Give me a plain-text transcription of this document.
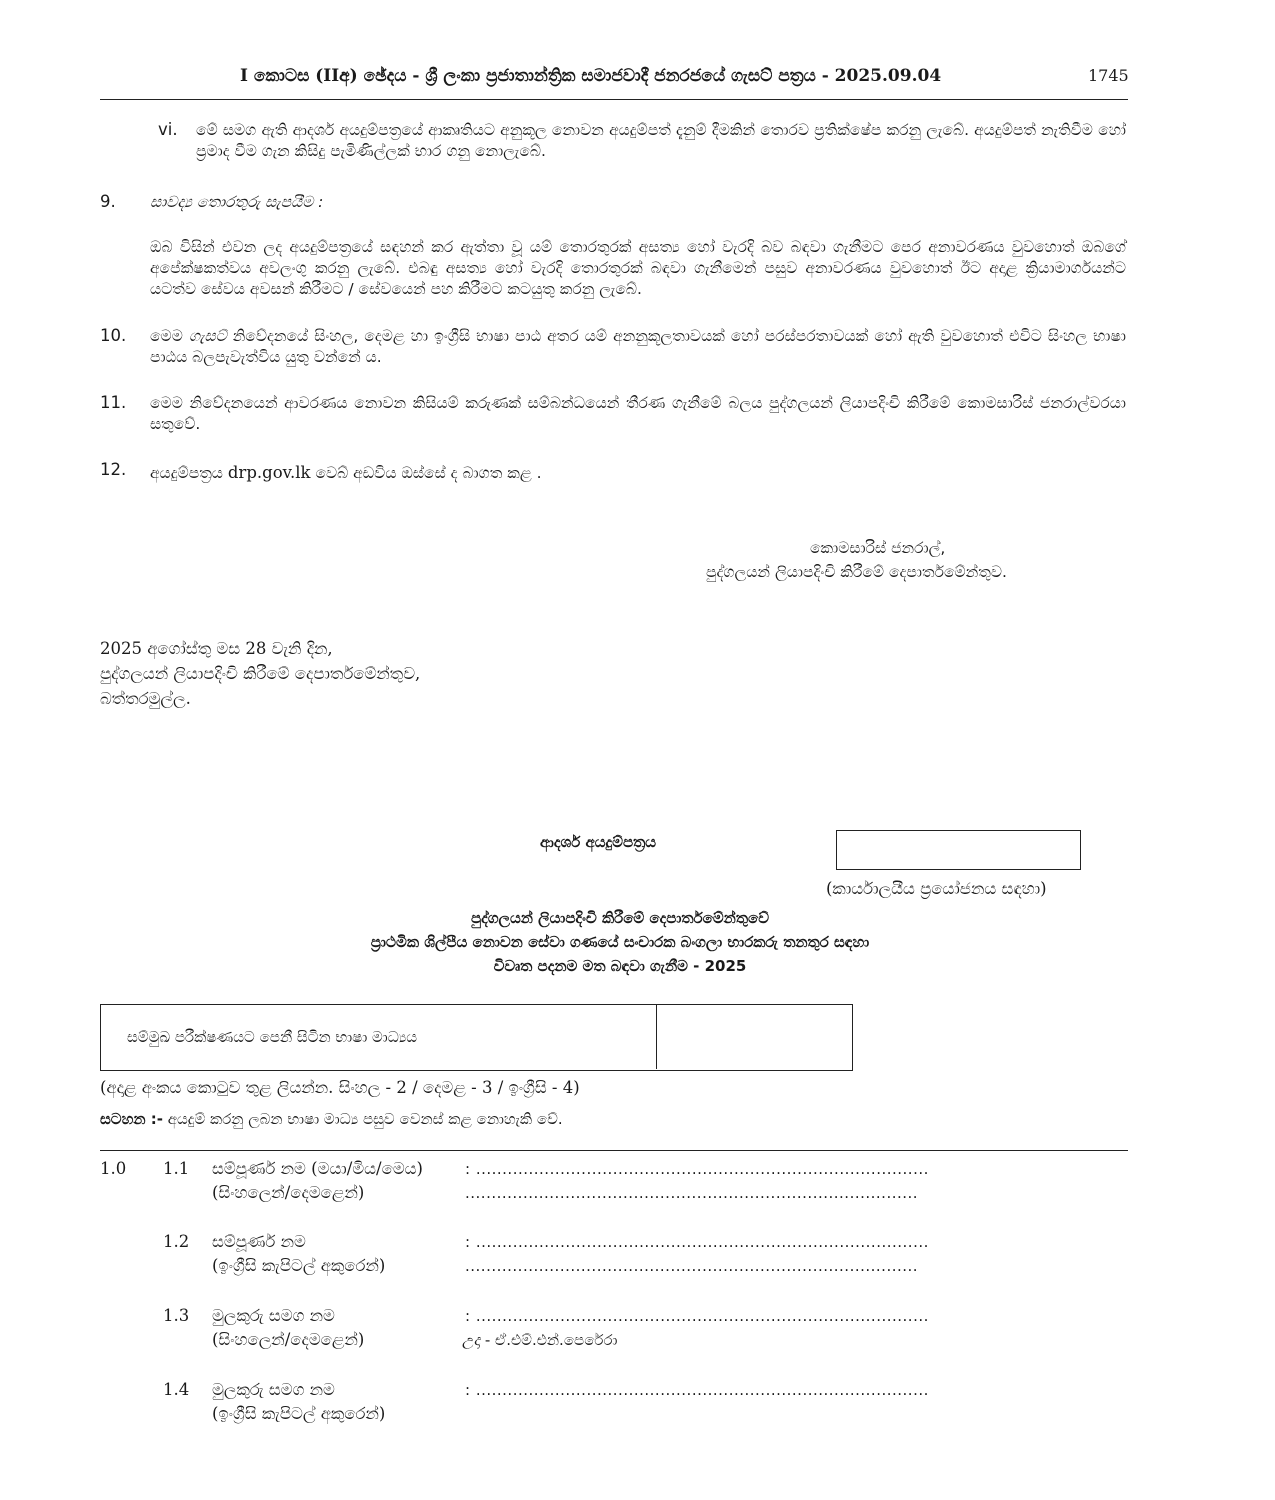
I කොටස (IIඅ) ඡේදය - ශ්‍රී ලංකා ප්‍රජාතාන්ත්‍රික සමාජවාදී ජනරජයේ ගැසට් පත්‍රය - 2025.09.04	1745
vi. මේ සමග ඇති ආදර්ශ අයදුම්පත්‍රයේ ආකෘතියට අනුකූල නොවන අයදුම්පත් දැනුම් දීමකින් තොරව ප්‍රතික්ෂේප කරනු ලැබේ. අයදුම්පත් නැතිවීම හෝ ප්‍රමාද වීම ගැන කිසිදු පැමිණිල්ලක් භාර ගනු නොලැබේ.
9. සාවද්‍ය තොරතුරු සැපයීම :
ඔබ විසින් එවන ලද අයදුම්පත්‍රයේ සඳහන් කර ඇත්තා වූ යම් තොරතුරක් අසත්‍ය හෝ වැරදි බව බඳවා ගැනීමට පෙර අනාවරණය වුවහොත් ඔබගේ අපේක්ෂකත්වය අවලංගු කරනු ලැබේ. එබඳු අසත්‍ය හෝ වැරදි තොරතුරක් බඳවා ගැනීමෙන් පසුව අනාවරණය වුවහොත් ඊට අදාළ ක්‍රියාමාර්ගයන්ට යටත්ව සේවය අවසන් කිරීමට / සේවයෙන් පහ කිරීමට කටයුතු කරනු ලැබේ.
10. මෙම ගැසට් නිවේදනයේ සිංහල, දෙමළ හා ඉංග්‍රීසි භාෂා පාඨ අතර යම් අනනුකූලතාවයක් හෝ පරස්පරතාවයක් හෝ ඇති වුවහොත් එවිට සිංහල භාෂා පාඨය බලපැවැත්විය යුතු වන්නේ ය.
11. මෙම නිවේදනයෙන් ආවරණය නොවන කිසියම් කරුණක් සම්බන්ධයෙන් තීරණ ගැනීමේ බලය පුද්ගලයන් ලියාපදිංචි කිරීමේ කොමසාරිස් ජනරාල්වරයා සතුවේ.
12. අයදුම්පත්‍රය drp.gov.lk වෙබ් අඩවිය ඔස්සේ ද බාගත කළ .
කොමසාරිස් ජනරාල්,
පුද්ගලයන් ලියාපදිංචි කිරීමේ දෙපාර්තමේන්තුව.
2025 අගෝස්තු මස 28 වැනි දින,
පුද්ගලයන් ලියාපදිංචි කිරීමේ දෙපාර්තමේන්තුව,
බත්තරමුල්ල.
ආදර්ශ අයදුම්පත්‍රය
(කාර්යාලයීය ප්‍රයෝජනය සඳහා)
පුද්ගලයන් ලියාපදිංචි කිරීමේ දෙපාර්තමේන්තුවේ
ප්‍රාථමික ශිල්පීය නොවන සේවා ගණයේ සංචාරක බංගලා භාරකරු තනතුර සඳහා
විවෘත පදනම මත බඳවා ගැනීම - 2025
සම්මුඛ පරීක්ෂණයට පෙනී සිටින භාෂා මාධ්‍යය
(අදාළ අංකය කොටුව තුළ ලියන්න. සිංහල - 2 / දෙමළ - 3 / ඉංග්‍රීසි - 4)
සටහන :- අයදුම් කරනු ලබන භාෂා මාධ්‍ය පසුව වෙනස් කළ නොහැකි වේ.
1.0 1.1 සම්පූර්ණ නම (මයා/මිය/මෙය)
(සිංහලෙන්/දෙමළෙන්)
: ......................................................................................
......................................................................................
1.2 සම්පූර්ණ නම
(ඉංග්‍රීසි කැපිටල් අකුරෙන්)
: ......................................................................................
......................................................................................
1.3 මුලකුරු සමග නම
(සිංහලෙන්/දෙමළෙන්)
: ......................................................................................
උදා - ඒ.එම්.එන්.පෙරේරා
1.4 මුලකුරු සමග නම
(ඉංග්‍රීසි කැපිටල් අකුරෙන්)
: ......................................................................................
